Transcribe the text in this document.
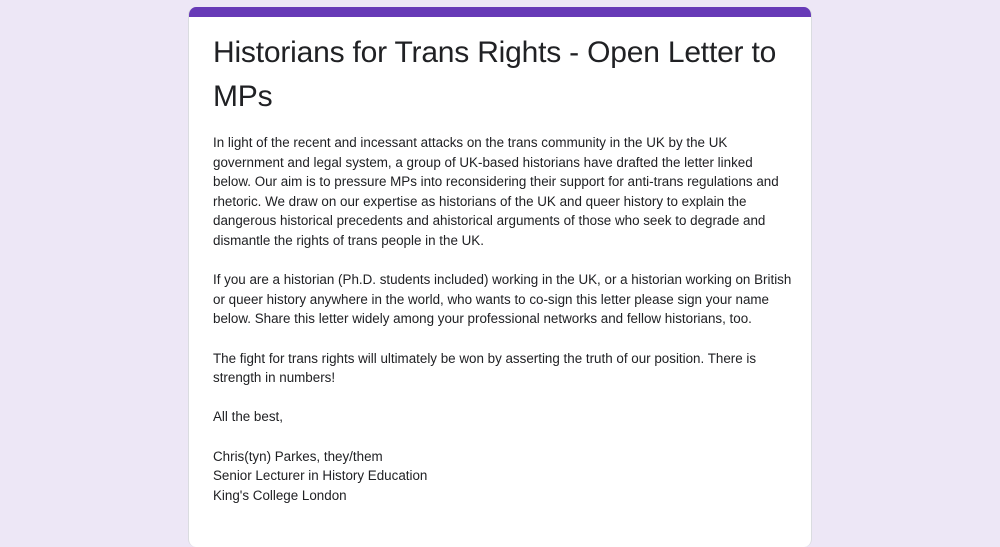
Historians for Trans Rights - Open Letter to MPs

In light of the recent and incessant attacks on the trans community in the UK by the UK government and legal system, a group of UK-based historians have drafted the letter linked below. Our aim is to pressure MPs into reconsidering their support for anti-trans regulations and rhetoric. We draw on our expertise as historians of the UK and queer history to explain the dangerous historical precedents and ahistorical arguments of those who seek to degrade and dismantle the rights of trans people in the UK.

If you are a historian (Ph.D. students included) working in the UK, or a historian working on British or queer history anywhere in the world, who wants to co-sign this letter please sign your name below. Share this letter widely among your professional networks and fellow historians, too.

The fight for trans rights will ultimately be won by asserting the truth of our position. There is strength in numbers!

All the best,

Chris(tyn) Parkes, they/them
Senior Lecturer in History Education
King's College London
